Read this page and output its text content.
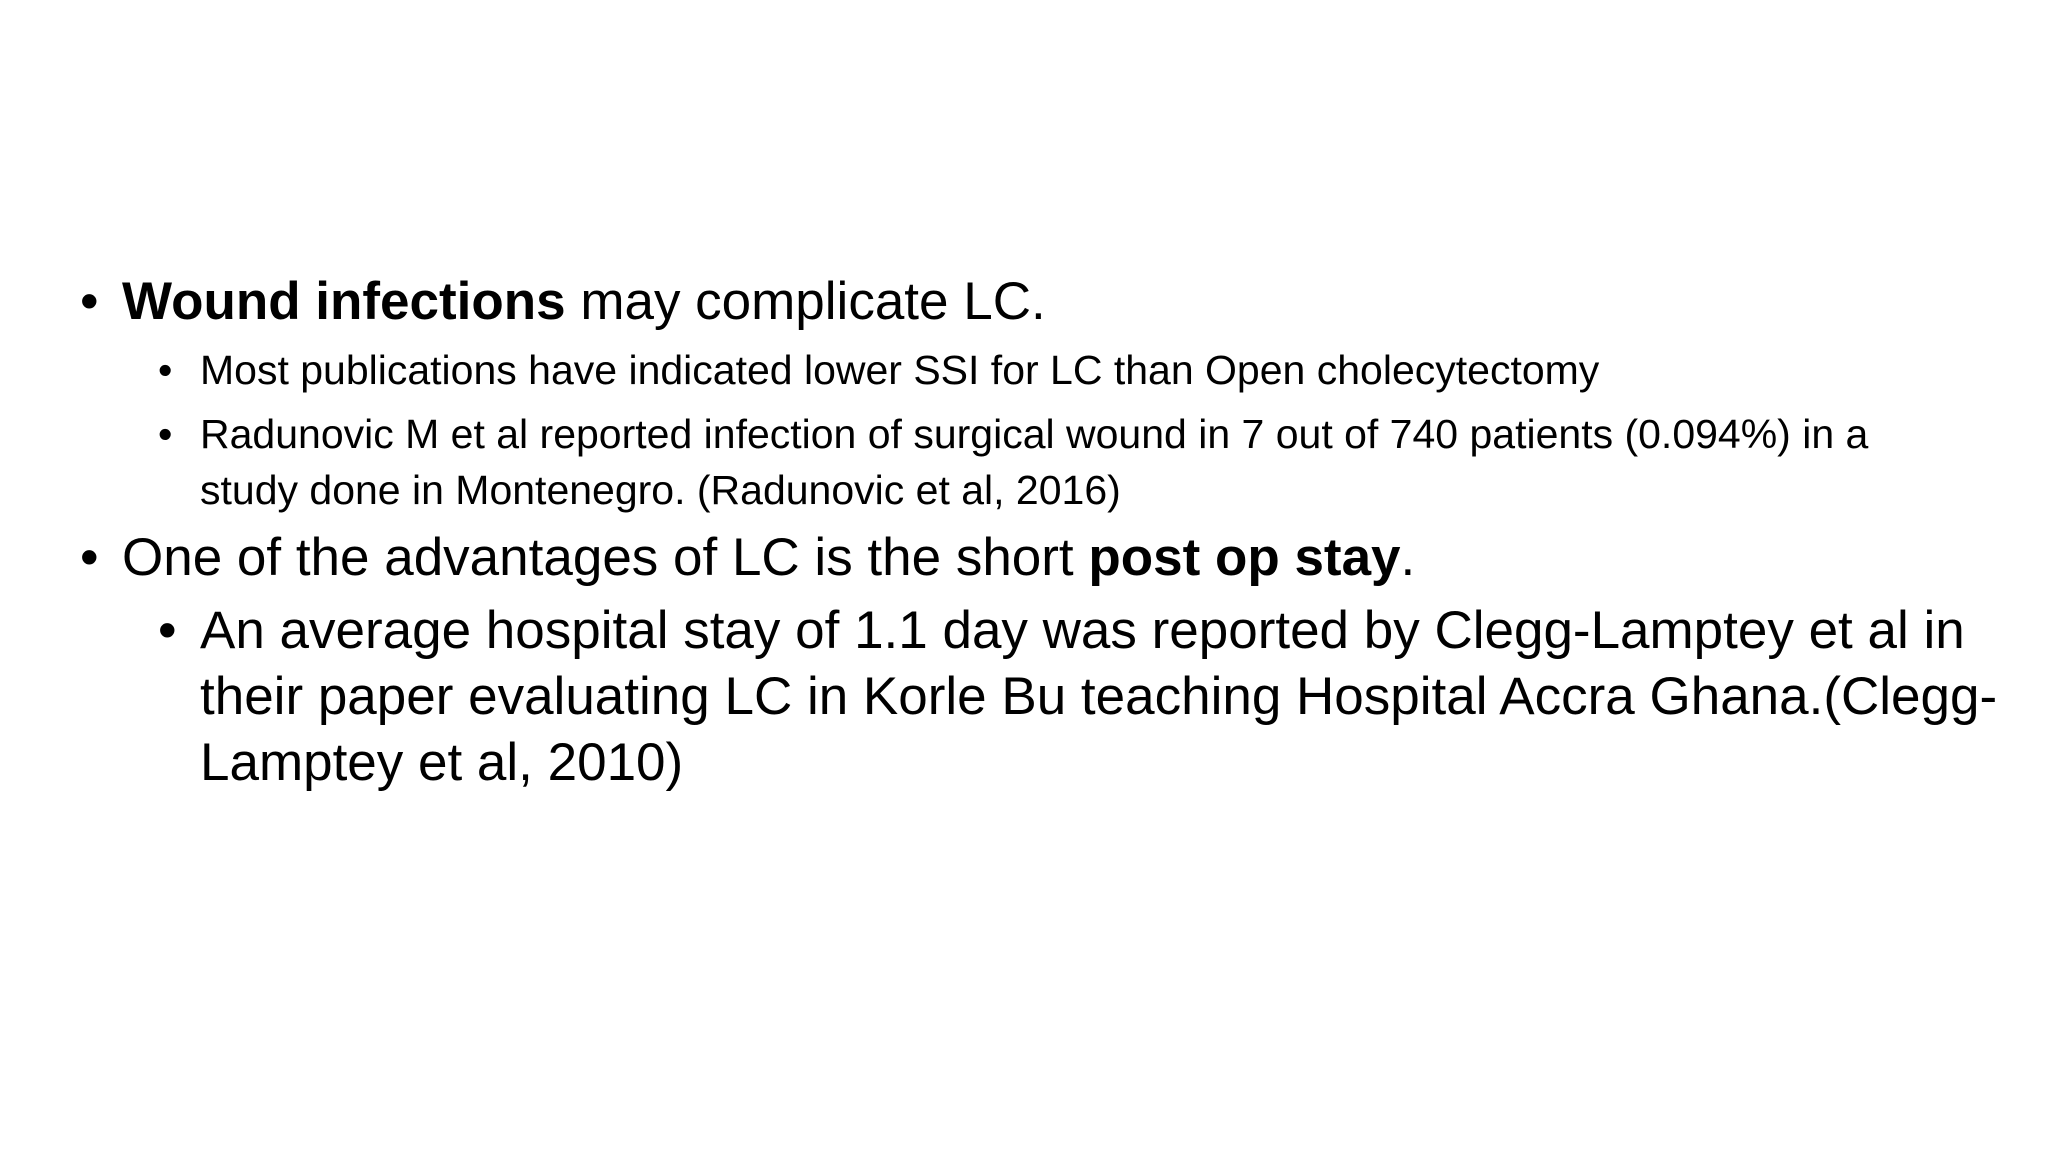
• Wound infections may complicate LC.
• Most publications have indicated lower SSI for LC than Open cholecytectomy
• Radunovic M et al reported infection of surgical wound in 7 out of 740 patients (0.094%) in a study done in Montenegro. (Radunovic et al, 2016)
• One of the advantages of LC is the short post op stay.
• An average hospital stay of 1.1 day was reported by Clegg-Lamptey et al in their paper evaluating LC in Korle Bu teaching Hospital Accra Ghana.(Clegg-Lamptey et al, 2010)
